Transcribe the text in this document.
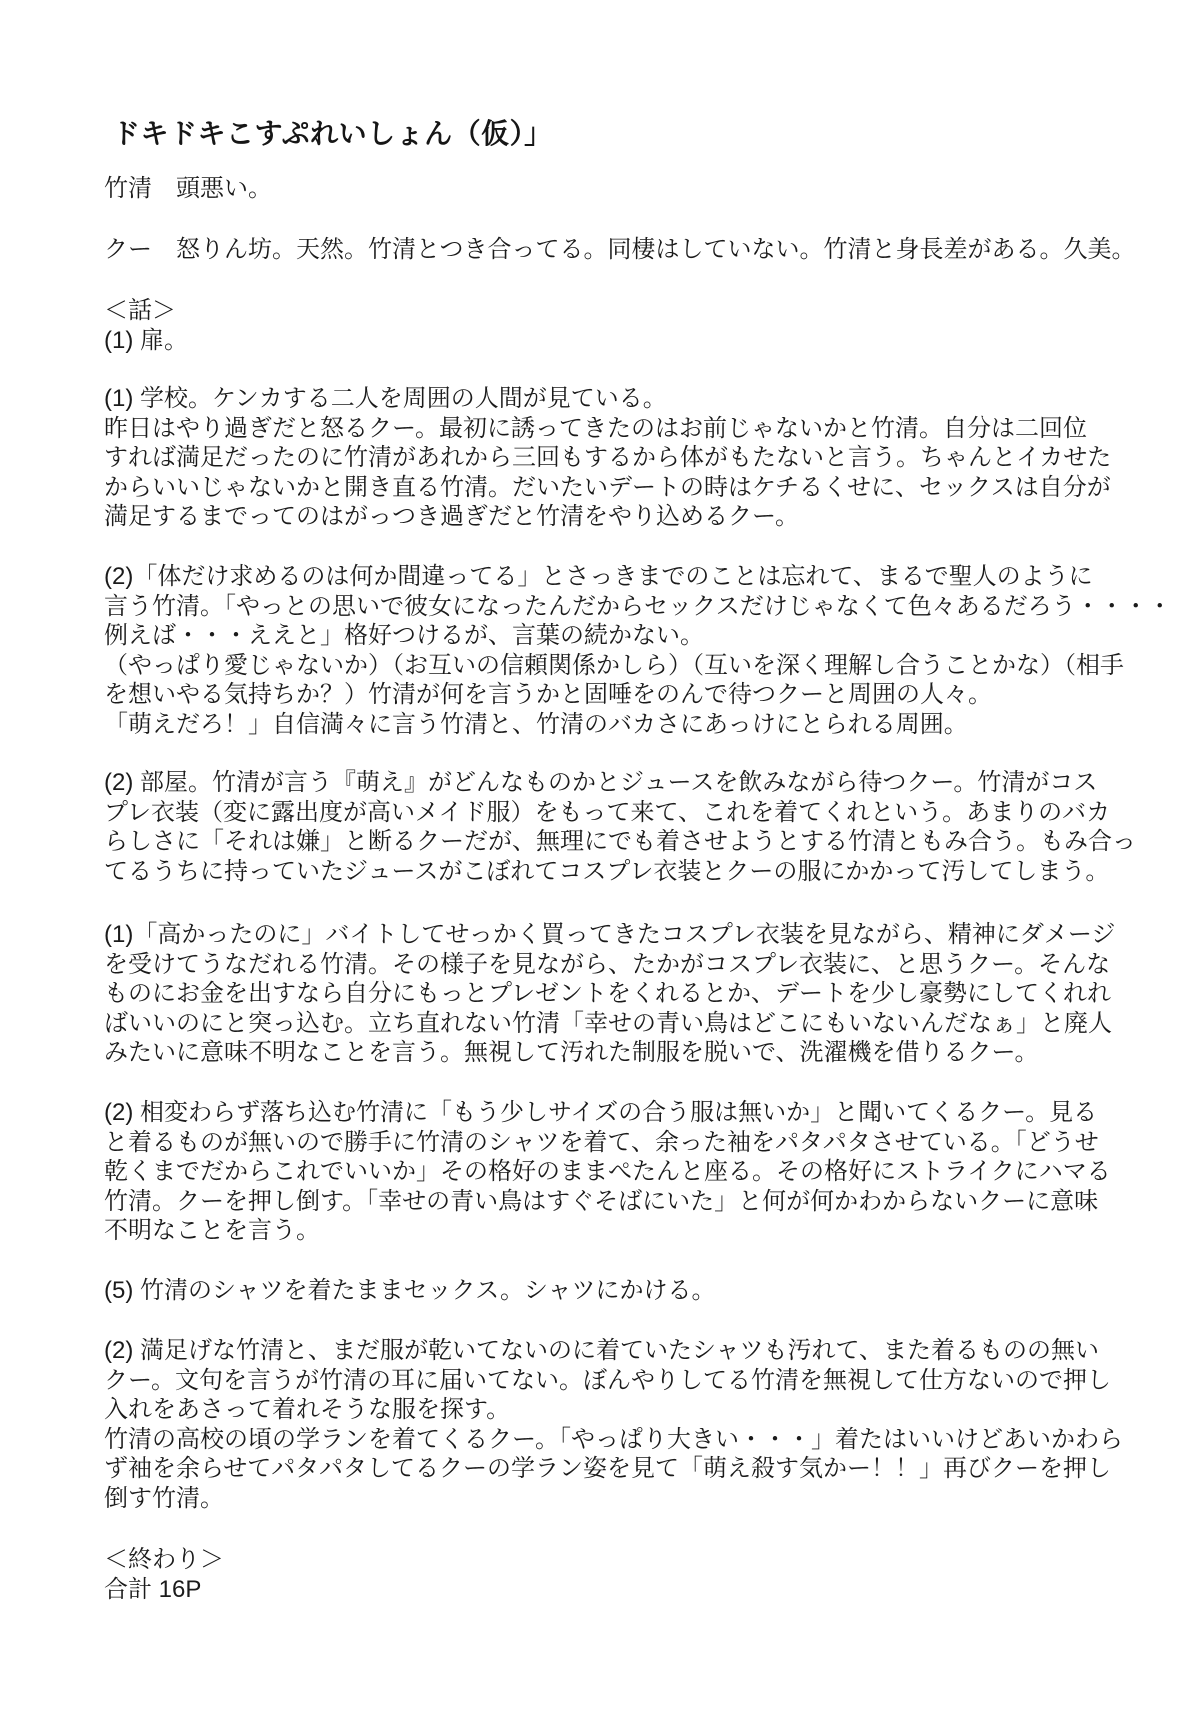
ドキドキこすぷれいしょん（仮）」
竹清　頭悪い。
クー　怒りん坊。天然。竹清とつき合ってる。同棲はしていない。竹清と身長差がある。久美。
＜話＞
(1) 扉。
(1) 学校。ケンカする二人を周囲の人間が見ている。
昨日はやり過ぎだと怒るクー。最初に誘ってきたのはお前じゃないかと竹清。自分は二回位
すれば満足だったのに竹清があれから三回もするから体がもたないと言う。ちゃんとイカせた
からいいじゃないかと開き直る竹清。だいたいデートの時はケチるくせに、セックスは自分が
満足するまでってのはがっつき過ぎだと竹清をやり込めるクー。
(2)「体だけ求めるのは何か間違ってる」とさっきまでのことは忘れて、まるで聖人のように
言う竹清。「やっとの思いで彼女になったんだからセックスだけじゃなくて色々あるだろう・・・・
例えば・・・ええと」格好つけるが、言葉の続かない。
（やっぱり愛じゃないか）（お互いの信頼関係かしら）（互いを深く理解し合うことかな）（相手
を想いやる気持ちか？）竹清が何を言うかと固唾をのんで待つクーと周囲の人々。
「萌えだろ！」自信満々に言う竹清と、竹清のバカさにあっけにとられる周囲。
(2) 部屋。竹清が言う『萌え』がどんなものかとジュースを飲みながら待つクー。竹清がコス
プレ衣装（変に露出度が高いメイド服）をもって来て、これを着てくれという。あまりのバカ
らしさに「それは嫌」と断るクーだが、無理にでも着させようとする竹清ともみ合う。もみ合っ
てるうちに持っていたジュースがこぼれてコスプレ衣装とクーの服にかかって汚してしまう。
(1)「高かったのに」バイトしてせっかく買ってきたコスプレ衣装を見ながら、精神にダメージ
を受けてうなだれる竹清。その様子を見ながら、たかがコスプレ衣装に、と思うクー。そんな
ものにお金を出すなら自分にもっとプレゼントをくれるとか、デートを少し豪勢にしてくれれ
ばいいのにと突っ込む。立ち直れない竹清「幸せの青い鳥はどこにもいないんだなぁ」と廃人
みたいに意味不明なことを言う。無視して汚れた制服を脱いで、洗濯機を借りるクー。
(2) 相変わらず落ち込む竹清に「もう少しサイズの合う服は無いか」と聞いてくるクー。見る
と着るものが無いので勝手に竹清のシャツを着て、余った袖をパタパタさせている。「どうせ
乾くまでだからこれでいいか」その格好のままぺたんと座る。その格好にストライクにハマる
竹清。クーを押し倒す。「幸せの青い鳥はすぐそばにいた」と何が何かわからないクーに意味
不明なことを言う。
(5) 竹清のシャツを着たままセックス。シャツにかける。
(2) 満足げな竹清と、まだ服が乾いてないのに着ていたシャツも汚れて、また着るものの無い
クー。文句を言うが竹清の耳に届いてない。ぼんやりしてる竹清を無視して仕方ないので押し
入れをあさって着れそうな服を探す。
竹清の高校の頃の学ランを着てくるクー。「やっぱり大きい・・・」着たはいいけどあいかわら
ず袖を余らせてパタパタしてるクーの学ラン姿を見て「萌え殺す気かー！！」再びクーを押し
倒す竹清。
＜終わり＞
合計 16P
